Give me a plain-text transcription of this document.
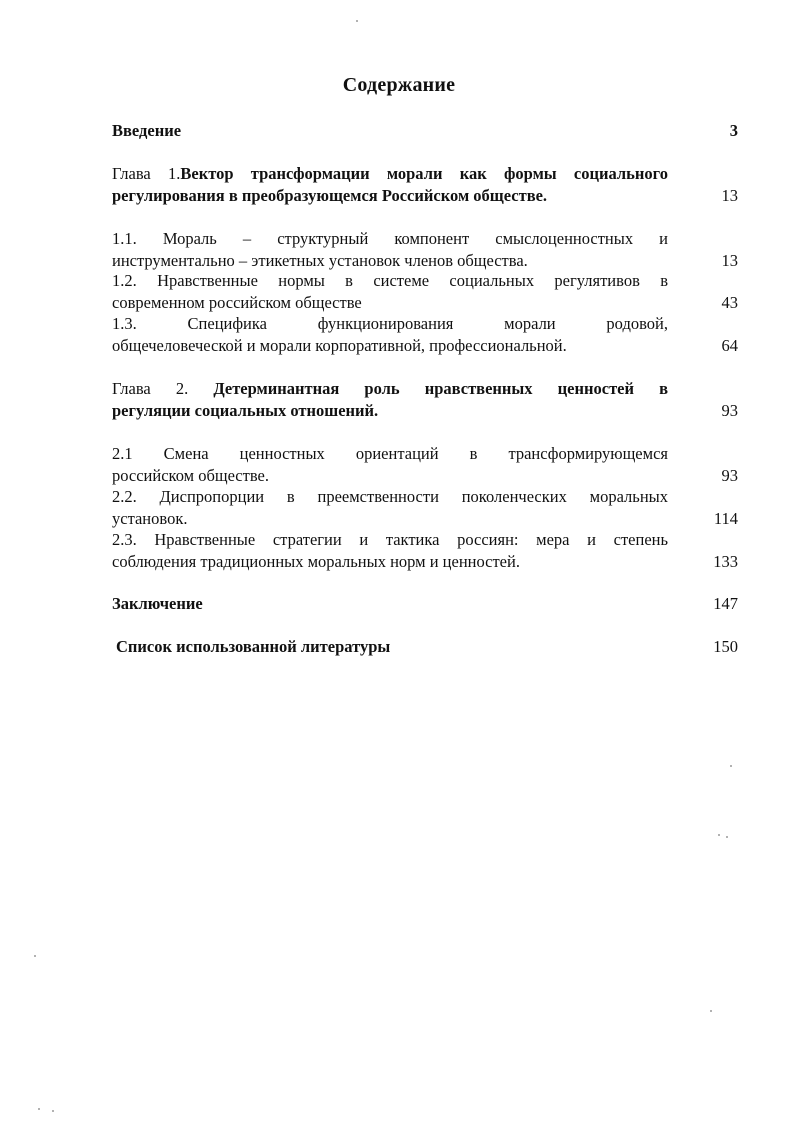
Содержание
Введение	3
Глава 1.Вектор трансформации морали как формы социального
регулирования в преобразующемся Российском обществе.	13
1.1. Мораль – структурный компонент смыслоценностных и
инструментально – этикетных установок членов общества.	13
1.2. Нравственные нормы в системе социальных регулятивов в
современном российском обществе	43
1.3. Специфика функционирования морали родовой,
общечеловеческой и морали корпоративной, профессиональной.	64
Глава 2. Детерминантная роль нравственных ценностей в
регуляции социальных отношений.	93
2.1 Смена ценностных ориентаций в трансформирующемся
российском обществе.	93
2.2. Диспропорции в преемственности поколенческих моральных
установок.	114
2.3. Нравственные стратегии и тактика россиян: мера и степень
соблюдения традиционных моральных норм и ценностей.	133
Заключение	147
Список использованной литературы	150
